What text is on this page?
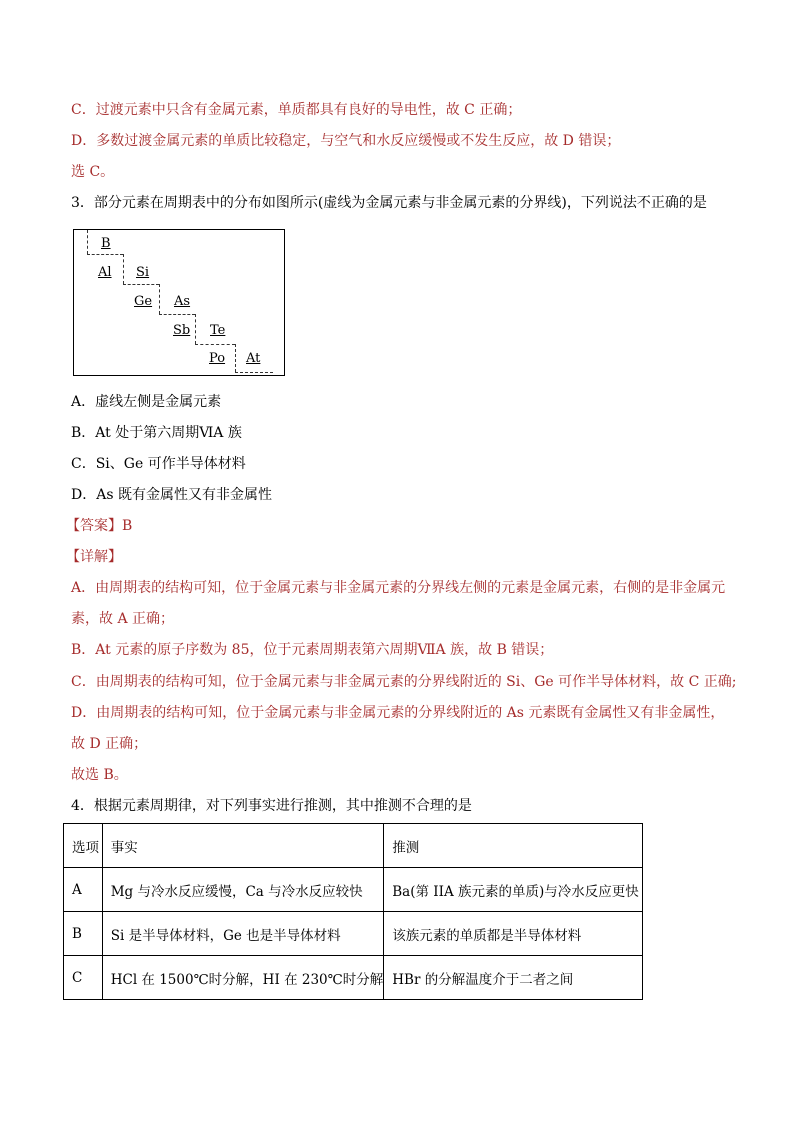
C．过渡元素中只含有金属元素，单质都具有良好的导电性，故 C 正确；
D．多数过渡金属元素的单质比较稳定，与空气和水反应缓慢或不发生反应，故 D 错误；
选 C。
3．部分元素在周期表中的分布如图所示(虚线为金属元素与非金属元素的分界线)，下列说法不正确的是
B
Al Si
Ge As
Sb Te
Po At
A．虚线左侧是金属元素
B．At 处于第六周期ⅥA 族
C．Si、Ge 可作半导体材料
D．As 既有金属性又有非金属性
【答案】B
【详解】
A．由周期表的结构可知，位于金属元素与非金属元素的分界线左侧的元素是金属元素，右侧的是非金属元
素，故 A 正确；
B．At 元素的原子序数为 85，位于元素周期表第六周期ⅦA 族，故 B 错误；
C．由周期表的结构可知，位于金属元素与非金属元素的分界线附近的 Si、Ge 可作半导体材料，故 C 正确;
D．由周期表的结构可知，位于金属元素与非金属元素的分界线附近的 As 元素既有金属性又有非金属性，
故 D 正确；
故选 B。
4．根据元素周期律，对下列事实进行推测，其中推测不合理的是
选项	事实	推测
A	Mg 与冷水反应缓慢，Ca 与冷水反应较快	Ba(第 IIA 族元素的单质)与冷水反应更快
B	Si 是半导体材料，Ge 也是半导体材料	该族元素的单质都是半导体材料
C	HCl 在 1500℃时分解，HI 在 230℃时分解	HBr 的分解温度介于二者之间
